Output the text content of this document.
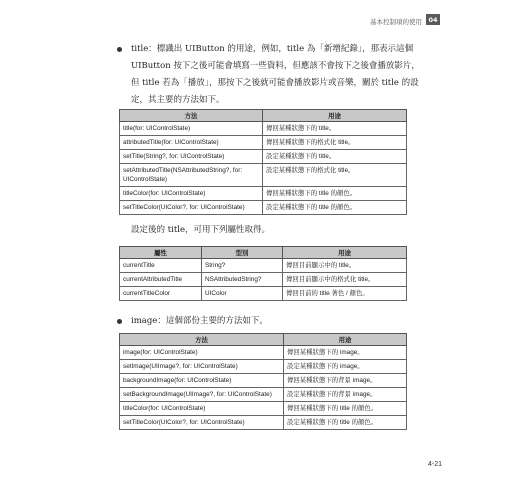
基本控制項的使用 04
title：標識出 UIButton 的用途，例如，title 為「新增紀錄」，那表示這個
UIButton 按下之後可能會填寫一些資料，但應該不會按下之後會播放影片，
但 title 若為「播放」，那按下之後就可能會播放影片或音樂，關於 title 的設
定，其主要的方法如下。
方法	用途
title(for: UIControlState)	傳回某種狀態下的 title。
attributedTitle(for: UIControlState)	傳回某種狀態下的格式化 title。
setTitle(String?, for: UIControlState)	設定某種狀態下的 title。
setAttributedTitle(NSAttributedString?, for: UIControlState)	設定某種狀態下的格式化 title。
titleColor(for: UIControlState)	傳回某種狀態下的 title 的顏色。
setTitleColor(UIColor?, for: UIControlState)	設定某種狀態下的 title 的顏色。
設定後的 title，可用下列屬性取得。
屬性	型別	用途
currentTitle	String?	傳回目前顯示中的 title。
currentAttributedTitle	NSAttributedString?	傳回目前顯示中的格式化 title。
currentTitleColor	UIColor	傳回目前的 title 著色 / 顏色。
image：這個部份主要的方法如下。
方法	用途
image(for: UIControlState)	傳回某種狀態下的 image。
setImage(UIImage?, for: UIControlState)	設定某種狀態下的 image。
backgroundImage(for: UIControlState)	傳回某種狀態下的背景 image。
setBackgroundImage(UIImage?, for: UIControlState)	設定某種狀態下的背景 image。
titleColor(for: UIControlState)	傳回某種狀態下的 title 的顏色。
setTitleColor(UIColor?, for: UIControlState)	設定某種狀態下的 title 的顏色。
4-21
